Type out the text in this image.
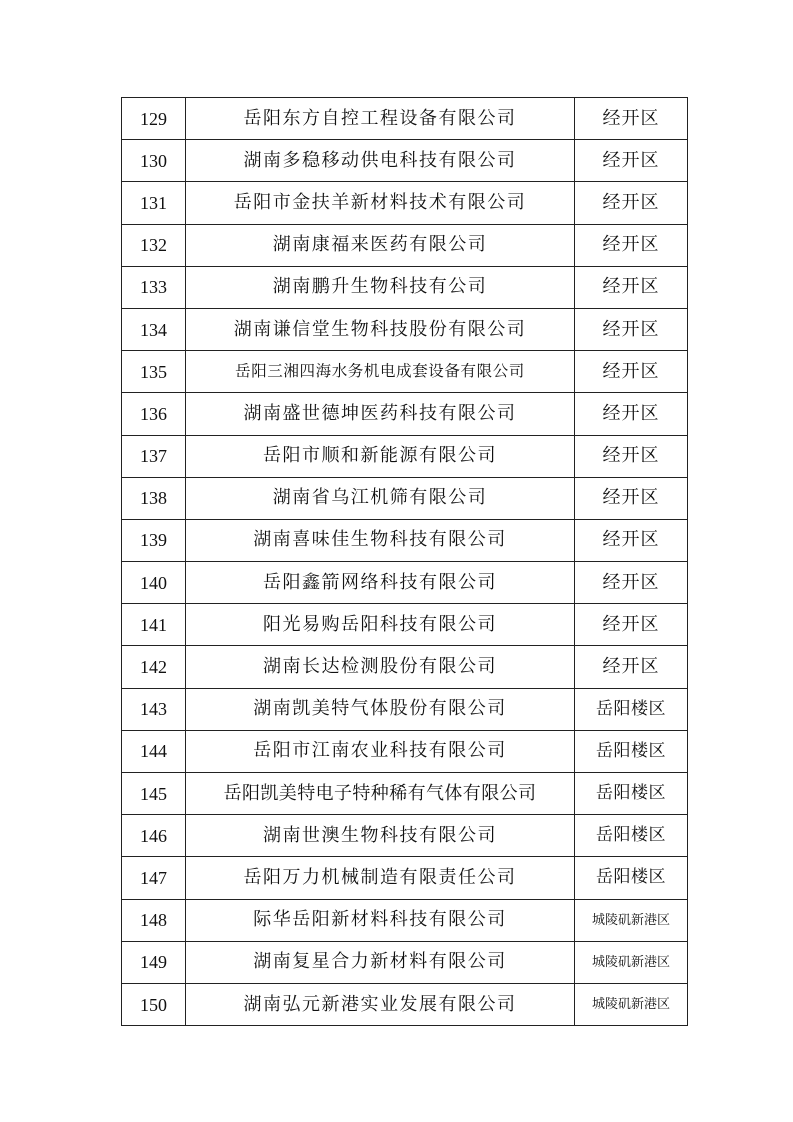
129	岳阳东方自控工程设备有限公司	经开区
130	湖南多稳移动供电科技有限公司	经开区
131	岳阳市金扶羊新材料技术有限公司	经开区
132	湖南康福来医药有限公司	经开区
133	湖南鹏升生物科技有公司	经开区
134	湖南谦信堂生物科技股份有限公司	经开区
135	岳阳三湘四海水务机电成套设备有限公司	经开区
136	湖南盛世德坤医药科技有限公司	经开区
137	岳阳市顺和新能源有限公司	经开区
138	湖南省乌江机筛有限公司	经开区
139	湖南喜味佳生物科技有限公司	经开区
140	岳阳鑫箭网络科技有限公司	经开区
141	阳光易购岳阳科技有限公司	经开区
142	湖南长达检测股份有限公司	经开区
143	湖南凯美特气体股份有限公司	岳阳楼区
144	岳阳市江南农业科技有限公司	岳阳楼区
145	岳阳凯美特电子特种稀有气体有限公司	岳阳楼区
146	湖南世澳生物科技有限公司	岳阳楼区
147	岳阳万力机械制造有限责任公司	岳阳楼区
148	际华岳阳新材料科技有限公司	城陵矶新港区
149	湖南复星合力新材料有限公司	城陵矶新港区
150	湖南弘元新港实业发展有限公司	城陵矶新港区
